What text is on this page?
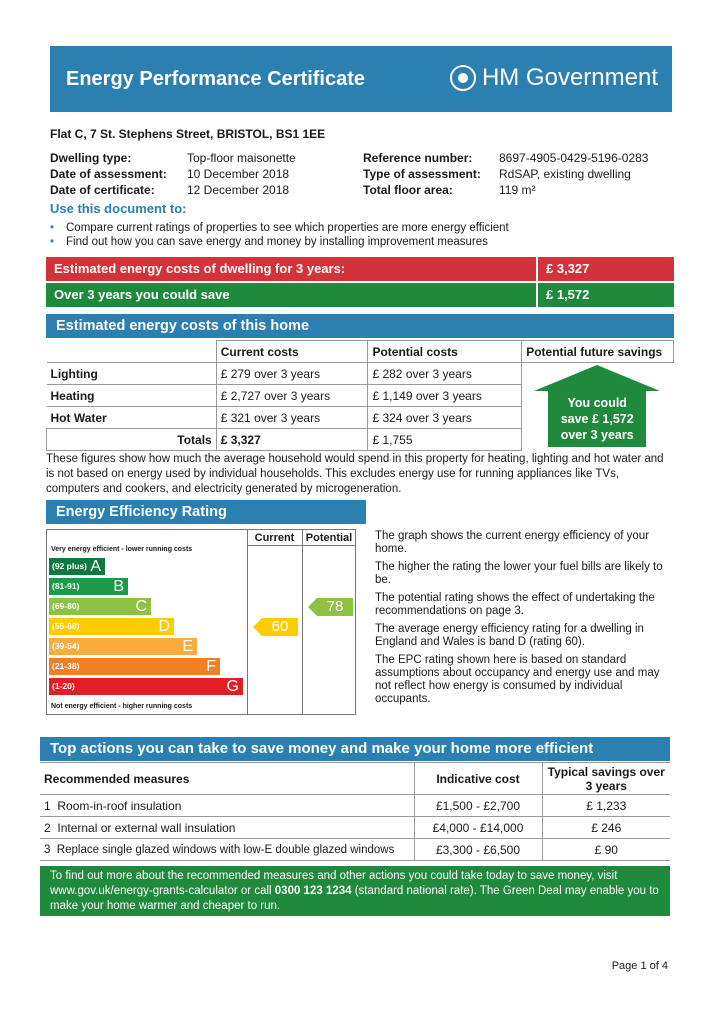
Energy Performance Certificate	HM Government
Flat C, 7 St. Stephens Street, BRISTOL, BS1 1EE
Dwelling type:	Top-floor maisonette
Date of assessment:	10 December 2018
Date of certificate:	12 December 2018
Reference number:	8697-4905-0429-5196-0283
Type of assessment:	RdSAP, existing dwelling
Total floor area:	119 m²
Use this document to:
• Compare current ratings of properties to see which properties are more energy efficient
• Find out how you can save energy and money by installing improvement measures
Estimated energy costs of dwelling for 3 years:	£ 3,327
Over 3 years you could save	£ 1,572
Estimated energy costs of this home
	Current costs	Potential costs	Potential future savings
Lighting	£ 279 over 3 years	£ 282 over 3 years	You could
save £ 1,572
over 3 years

Heating	£ 2,727 over 3 years	£ 1,149 over 3 years	
Hot Water	£ 321 over 3 years	£ 324 over 3 years	
Totals	£ 3,327	£ 1,755	
These figures show how much the average household would spend in this property for heating, lighting and hot water and is not based on energy used by individual households. This excludes energy use for running appliances like TVs, computers and cookers, and electricity generated by microgeneration.
Energy Efficiency Rating
Current	Potential
Very energy efficient - lower running costs
Not energy efficient - higher running costs
(92 plus) A
(81-91) B
(69-80)	C
(55-68)	D
(39-54)	E
(21-38)	F
(1-20)	G
60
78

The graph shows the current energy efficiency of your home.

The higher the rating the lower your fuel bills are likely to be.

The potential rating shows the effect of undertaking the recommendations on page 3.

The average energy efficiency rating for a dwelling in England and Wales is band D (rating 60).

The EPC rating shown here is based on standard assumptions about occupancy and energy use and may not reflect how energy is consumed by individual occupants.

Top actions you can take to save money and make your home more efficient
Recommended measures	Indicative cost	Typical savings over 3 years
1 Room-in-roof insulation	£1,500 - £2,700	£ 1,233
2 Internal or external wall insulation	£4,000 - £14,000	£ 246
3 Replace single glazed windows with low-E double glazed windows	£3,300 - £6,500	£ 90
To find out more about the recommended measures and other actions you could take today to save money, visit www.gov.uk/energy-grants-calculator or call 0300 123 1234 (standard national rate). The Green Deal may enable you to make your home warmer and cheaper to run.
Page 1 of 4
